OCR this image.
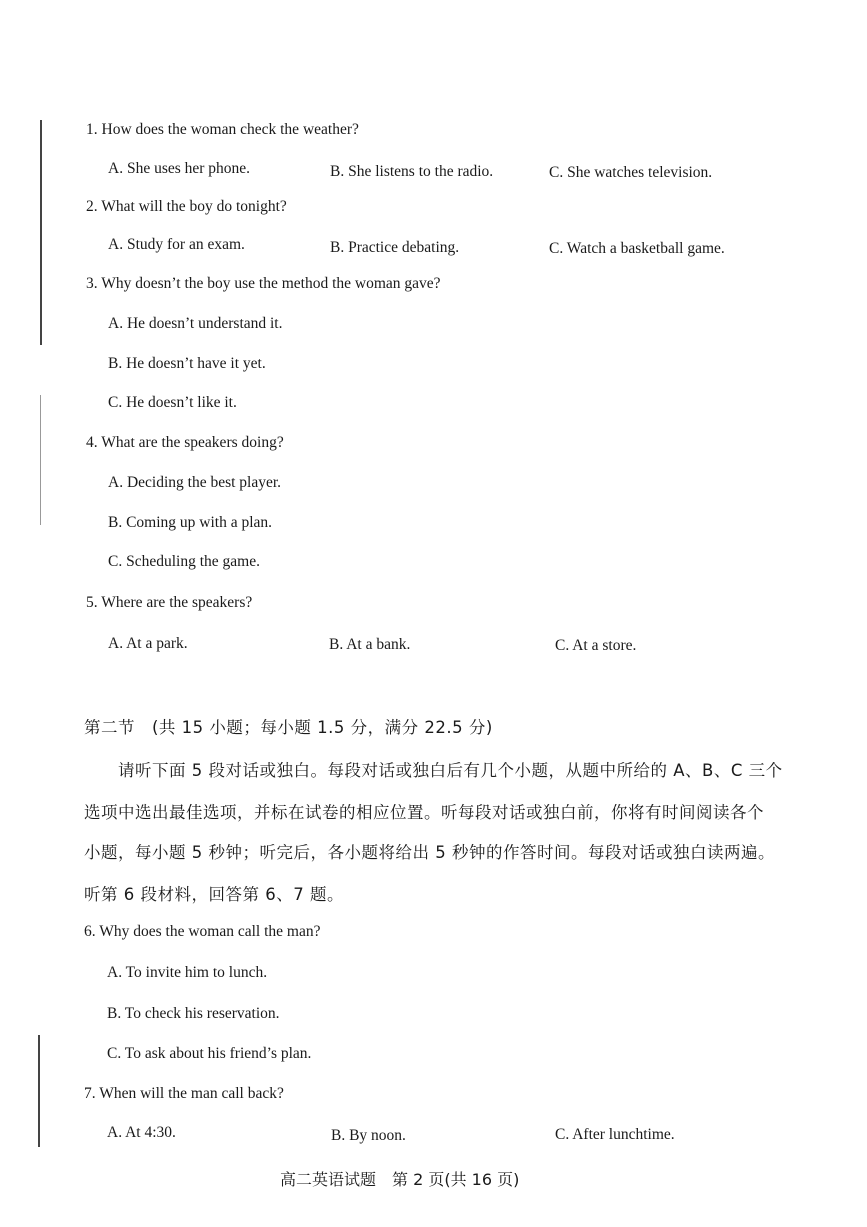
1. How does the woman check the weather?
A. She uses her phone.	B. She listens to the radio.	C. She watches television.
2. What will the boy do tonight?
A. Study for an exam.	B. Practice debating.	C. Watch a basketball game.
3. Why doesn’t the boy use the method the woman gave?
A. He doesn’t understand it.
B. He doesn’t have it yet.
C. He doesn’t like it.
4. What are the speakers doing?
A. Deciding the best player.
B. Coming up with a plan.
C. Scheduling the game.
5. Where are the speakers?
A. At a park.	B. At a bank.	C. At a store.
第二节　(共 15 小题；每小题 1.5 分，满分 22.5 分)
请听下面 5 段对话或独白。每段对话或独白后有几个小题，从题中所给的 A、B、C 三个
选项中选出最佳选项，并标在试卷的相应位置。听每段对话或独白前，你将有时间阅读各个
小题，每小题 5 秒钟；听完后，各小题将给出 5 秒钟的作答时间。每段对话或独白读两遍。
听第 6 段材料，回答第 6、7 题。
6. Why does the woman call the man?
A. To invite him to lunch.
B. To check his reservation.
C. To ask about his friend’s plan.
7. When will the man call back?
A. At 4:30.	B. By noon.	C. After lunchtime.
高二英语试题　第 2 页(共 16 页)
